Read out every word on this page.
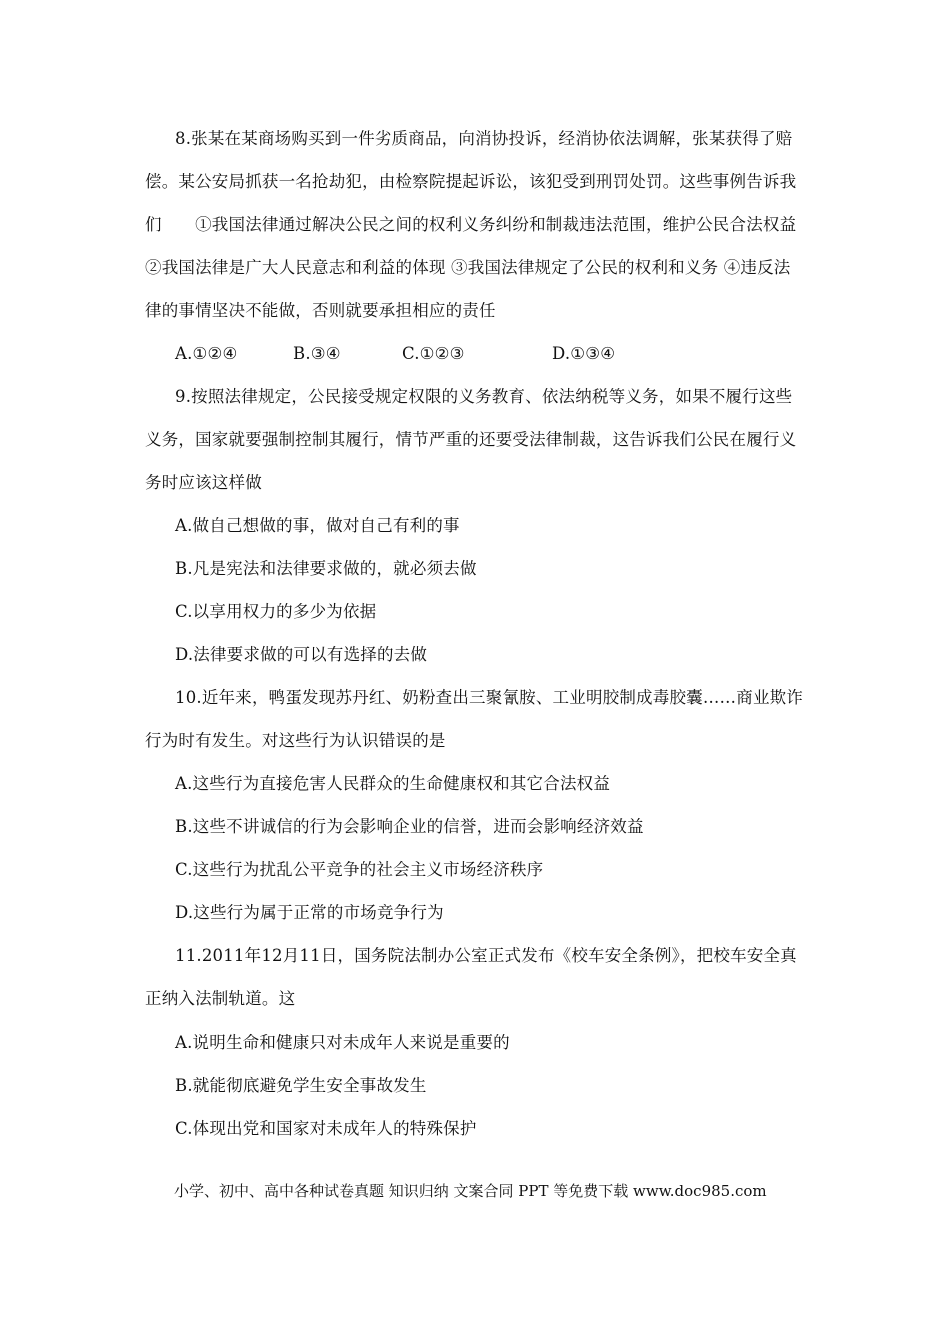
8.张某在某商场购买到一件劣质商品，向消协投诉，经消协依法调解，张某获得了赔
偿。某公安局抓获一名抢劫犯，由检察院提起诉讼，该犯受到刑罚处罚。这些事例告诉我
们　　①我国法律通过解决公民之间的权利义务纠纷和制裁违法范围，维护公民合法权益
②我国法律是广大人民意志和利益的体现 ③我国法律规定了公民的权利和义务 ④违反法
律的事情坚决不能做，否则就要承担相应的责任
A.①②④	B.③④	C.①②③	D.①③④
9.按照法律规定，公民接受规定权限的义务教育、依法纳税等义务，如果不履行这些
义务，国家就要强制控制其履行，情节严重的还要受法律制裁，这告诉我们公民在履行义
务时应该这样做
A.做自己想做的事，做对自己有利的事
B.凡是宪法和法律要求做的，就必须去做
C.以享用权力的多少为依据
D.法律要求做的可以有选择的去做
10.近年来，鸭蛋发现苏丹红、奶粉查出三聚氰胺、工业明胶制成毒胶囊……商业欺诈
行为时有发生。对这些行为认识错误的是
A.这些行为直接危害人民群众的生命健康权和其它合法权益
B.这些不讲诚信的行为会影响企业的信誉，进而会影响经济效益
C.这些行为扰乱公平竞争的社会主义市场经济秩序
D.这些行为属于正常的市场竞争行为
11.2011年12月11日，国务院法制办公室正式发布《校车安全条例》，把校车安全真
正纳入法制轨道。这
A.说明生命和健康只对未成年人来说是重要的
B.就能彻底避免学生安全事故发生
C.体现出党和国家对未成年人的特殊保护
小学、初中、高中各种试卷真题 知识归纳 文案合同 PPT 等免费下载 www.doc985.com
